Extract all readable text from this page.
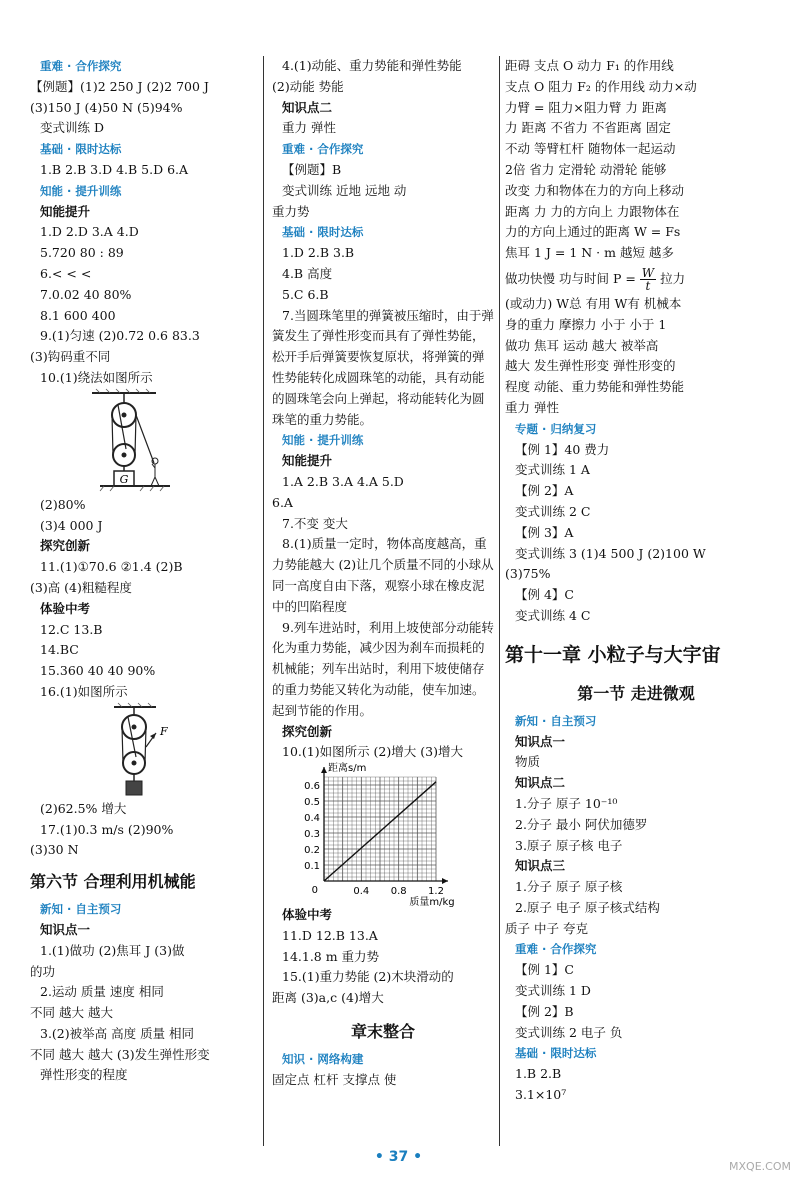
重难 · 合作探究
【例题】(1)2 250 J (2)2 700 J
(3)150 J (4)50 N (5)94%
变式训练 D
基础 · 限时达标
1.B 2.B 3.D 4.B 5.D 6.A
知能 · 提升训练
知能提升
1.D 2.D 3.A 4.D
5.720 80 : 89
6.< < <
7.0.02 40 80%
8.1 600 400
9.(1)匀速 (2)0.72 0.6 83.3
(3)钩码重不同
10.(1)绕法如图所示
G
(2)80%
(3)4 000 J
探究创新
11.(1)①70.6 ②1.4 (2)B
(3)高 (4)粗糙程度
体验中考
12.C 13.B
14.BC
15.360 40 40 90%
16.(1)如图所示
F
(2)62.5% 增大
17.(1)0.3 m/s (2)90%
(3)30 N
第六节 合理利用机械能
新知 · 自主预习
知识点一
1.(1)做功 (2)焦耳 J (3)做
的功
2.运动 质量 速度 相同
不同 越大 越大
3.(2)被举高 高度 质量 相同
不同 越大 越大 (3)发生弹性形变
弹性形变的程度
4.(1)动能、重力势能和弹性势能
(2)动能 势能
知识点二
重力 弹性
重难 · 合作探究
【例题】B
变式训练 近地 远地 动
重力势
基础 · 限时达标
1.D 2.B 3.B
4.B 高度
5.C 6.B
7.当圆珠笔里的弹簧被压缩时，由于弹簧发生了弹性形变而具有了弹性势能，松开手后弹簧要恢复原状，将弹簧的弹性势能转化成圆珠笔的动能，具有动能的圆珠笔会向上弹起，将动能转化为圆珠笔的重力势能。
知能 · 提升训练
知能提升
1.A 2.B 3.A 4.A 5.D
6.A
7.不变 变大
8.(1)质量一定时，物体高度越高，重力势能越大 (2)让几个质量不同的小球从同一高度自由下落，观察小球在橡皮泥中的凹陷程度
9.列车进站时，利用上坡使部分动能转化为重力势能，减少因为刹车而损耗的机械能；列车出站时，利用下坡使储存的重力势能又转化为动能，使车加速。起到节能的作用。
探究创新
10.(1)如图所示 (2)增大 (3)增大
0.1
0.2
0.3
0.4
0.5
0.6
0.4 0.8 1.2
0
距离s/m
质量m/kg
体验中考
11.D 12.B 13.A
14.1.8 m 重力势
15.(1)重力势能 (2)木块滑动的
距离 (3)a,c (4)增大
章末整合
知识 · 网络构建
固定点 杠杆 支撑点 使
距碍 支点 O 动力 F₁ 的作用线
支点 O 阻力 F₂ 的作用线 动力×动
力臂 = 阻力×阻力臂 力 距离
力 距离 不省力 不省距离 固定
不动 等臂杠杆 随物体一起运动
2倍 省力 定滑轮 动滑轮 能够
改变 力和物体在力的方向上移动
距离 力 力的方向上 力跟物体在
力的方向上通过的距离 W = Fs
焦耳 1 J = 1 N · m 越短 越多
做功快慢 功与时间 $P = \frac{W}{t}$ 拉力
(或动力) W总 有用 W有 机械本
身的重力 摩擦力 小于 小于 1
做功 焦耳 运动 越大 被举高
越大 发生弹性形变 弹性形变的
程度 动能、重力势能和弹性势能
重力 弹性
专题 · 归纳复习
【例 1】40 费力
变式训练 1 A
【例 2】A
变式训练 2 C
【例 3】A
变式训练 3 (1)4 500 J (2)100 W
(3)75%
【例 4】C
变式训练 4 C
第十一章 小粒子与大宇宙
第一节 走进微观
新知 · 自主预习
知识点一
物质
知识点二
1.分子 原子 10⁻¹⁰
2.分子 最小 阿伏加德罗
3.原子 原子核 电子
知识点三
1.分子 原子 原子核
2.原子 电子 原子核式结构
质子 中子 夸克
重难 · 合作探究
【例 1】C
变式训练 1 D
【例 2】B
变式训练 2 电子 负
基础 · 限时达标
1.B 2.B
3.1×10⁷
• 37 •
MXQE.COM
